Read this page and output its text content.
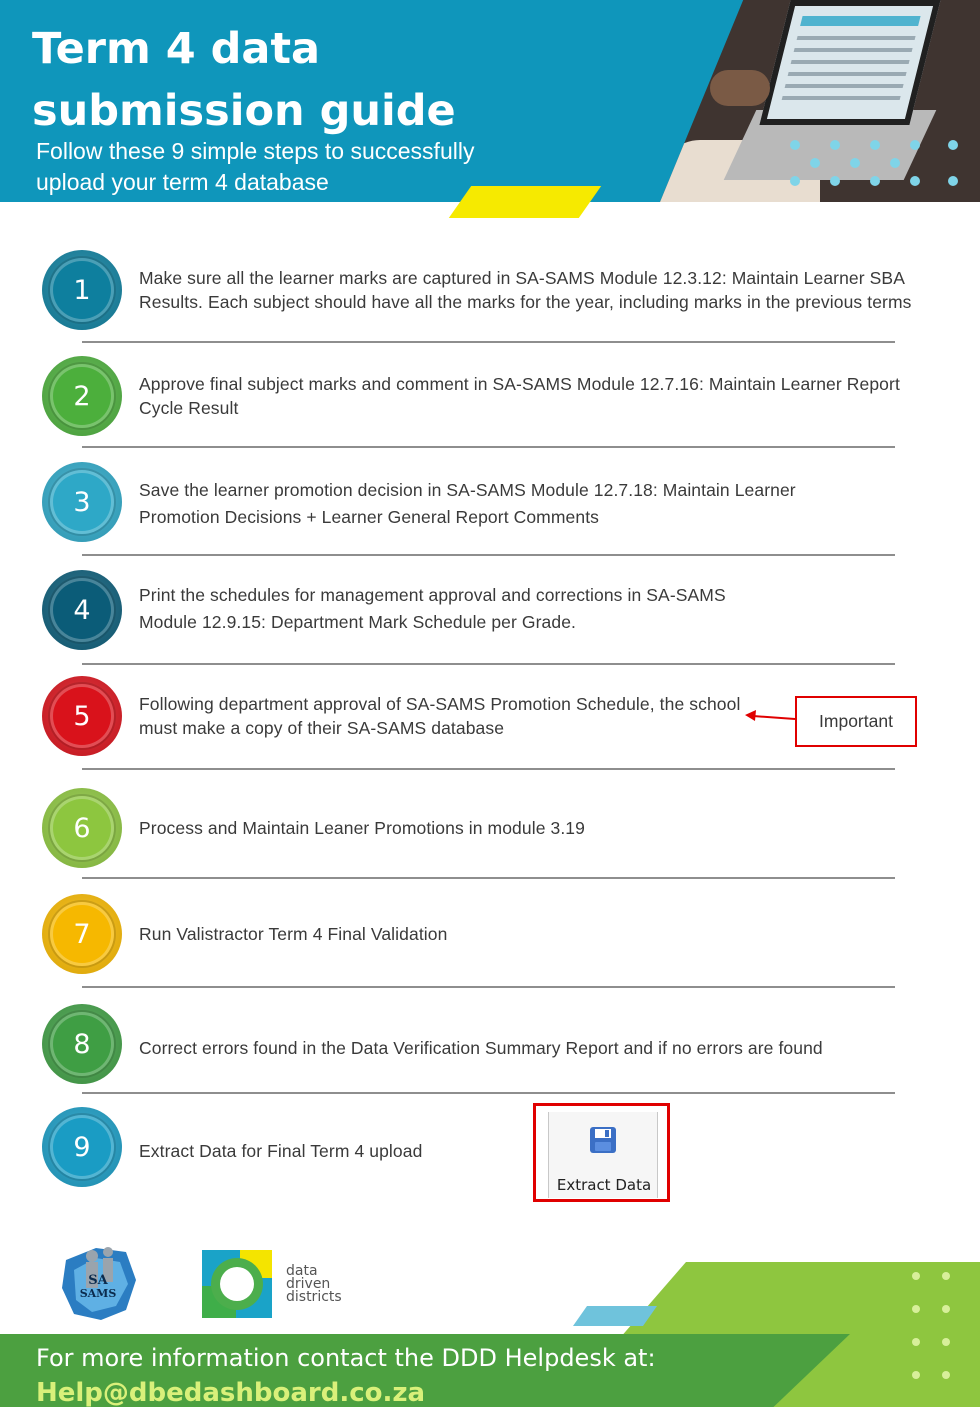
Term 4 data
submission guide
Follow these 9 simple steps to successfully
upload your term 4 database
1	Make sure all the learner marks are captured in SA-SAMS Module 12.3.12: Maintain Learner SBA
Results. Each subject should have all the marks for the year, including marks in the previous terms
2	Approve final subject marks and comment in SA-SAMS Module 12.7.16: Maintain Learner Report
Cycle Result
3	Save the learner promotion decision in SA-SAMS Module 12.7.18: Maintain Learner
Promotion Decisions + Learner General Report Comments
4	Print the schedules for management approval and corrections in SA-SAMS
Module 12.9.15: Department Mark Schedule per Grade.
5	Following department approval of SA-SAMS Promotion Schedule, the school
must make a copy of their SA-SAMS database	Important
6	Process and Maintain Leaner Promotions in module 3.19
7	Run Valistractor Term 4 Final Validation
8	Correct errors found in the Data Verification Summary Report and if no errors are found
9	Extract Data for Final Term 4 upload
Extract Data
SA
SAMS
data
driven
districts
For more information contact the DDD Helpdesk at:
Help@dbedashboard.co.za
